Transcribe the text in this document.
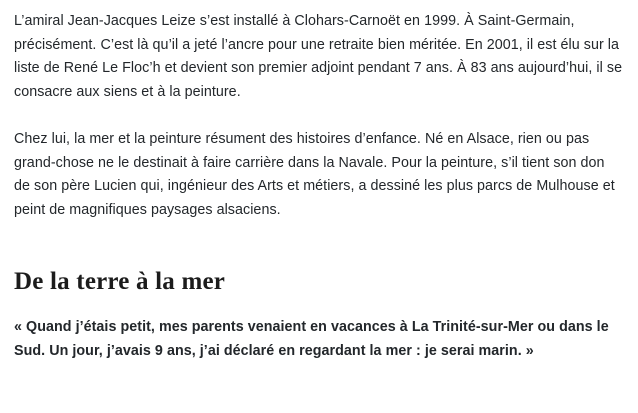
L’amiral Jean-Jacques Leize s’est installé à Clohars-Carnoët en 1999. À Saint-Germain, précisément. C’est là qu’il a jeté l’ancre pour une retraite bien méritée. En 2001, il est élu sur la liste de René Le Floc’h et devient son premier adjoint pendant 7 ans. À 83 ans aujourd’hui, il se consacre aux siens et à la peinture.

Chez lui, la mer et la peinture résument des histoires d’enfance. Né en Alsace, rien ou pas grand-chose ne le destinait à faire carrière dans la Navale. Pour la peinture, s’il tient son don de son père Lucien qui, ingénieur des Arts et métiers, a dessiné les plus parcs de Mulhouse et peint de magnifiques paysages alsaciens.

De la terre à la mer

« Quand j’étais petit, mes parents venaient en vacances à La Trinité-sur-Mer ou dans le Sud. Un jour, j’avais 9 ans, j’ai déclaré en regardant la mer : je serai marin. »
